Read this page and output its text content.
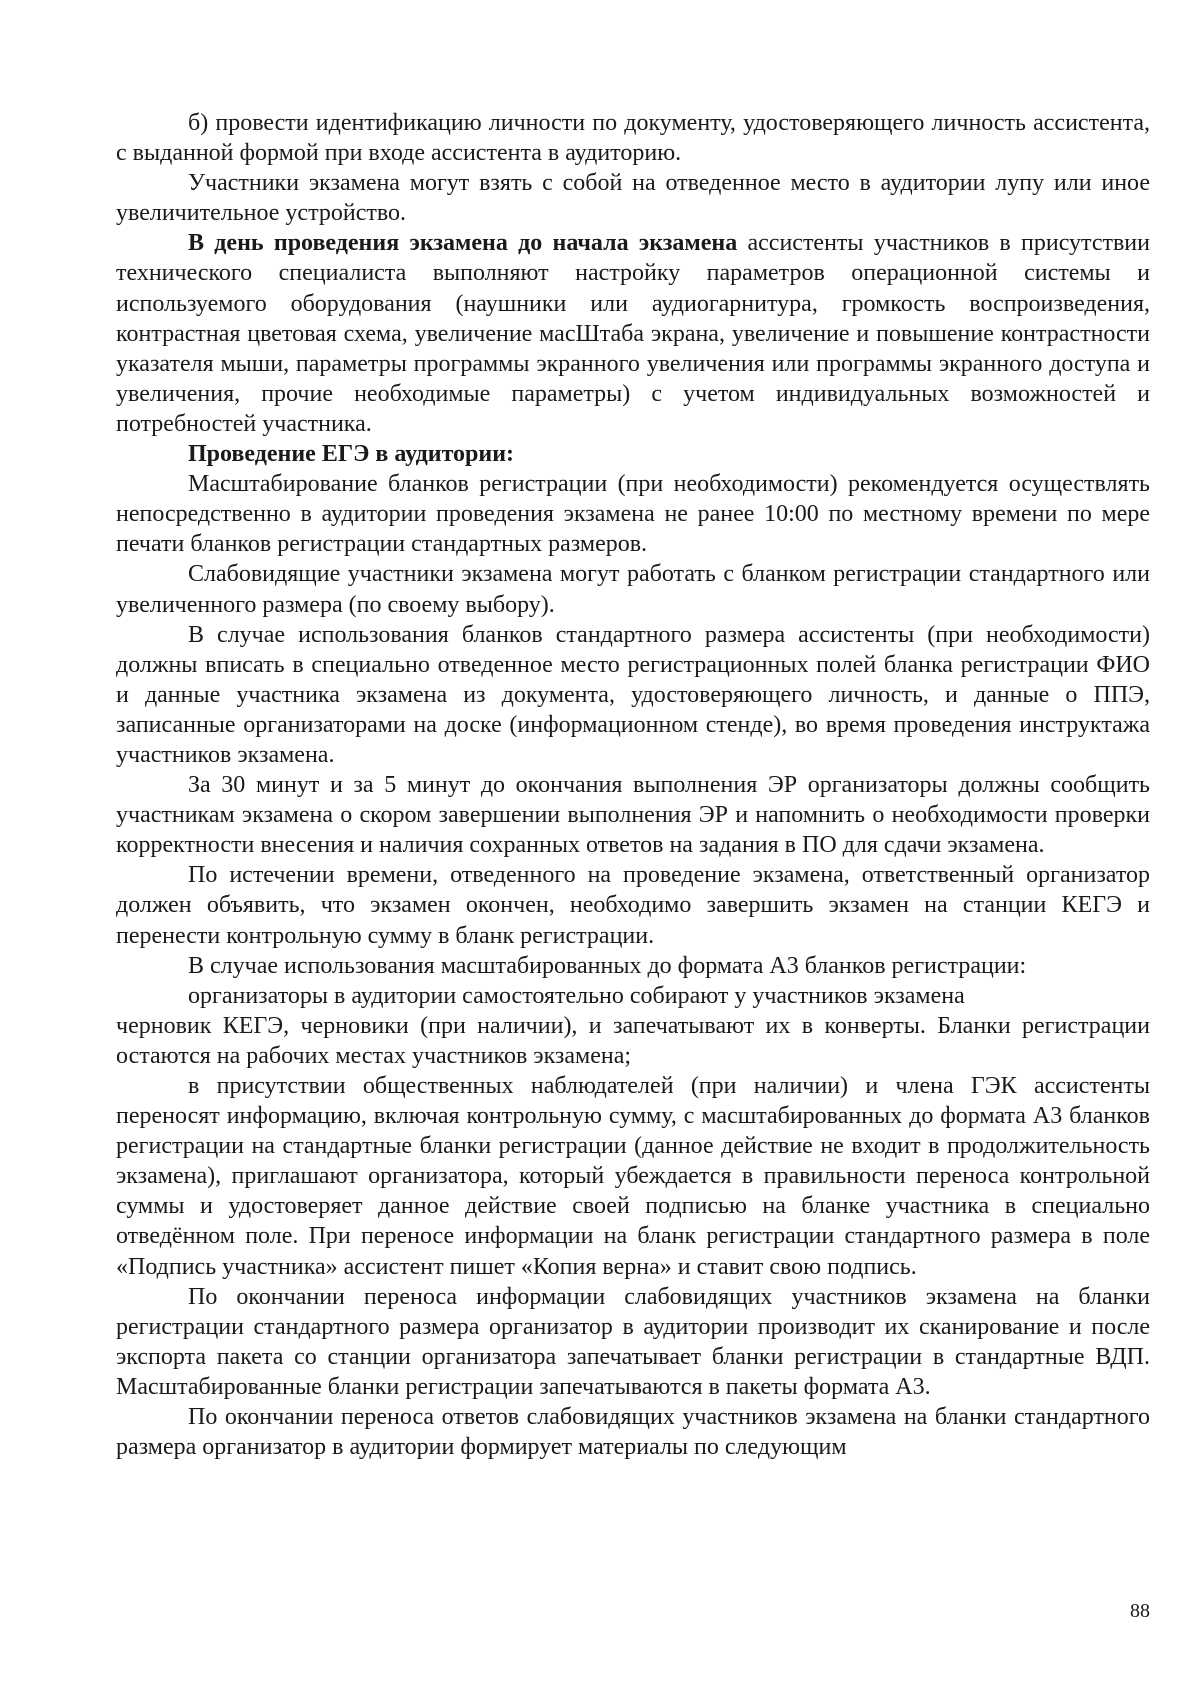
б) провести идентификацию личности по документу, удостоверяющего личность ассистента, с выданной формой при входе ассистента в аудиторию.

Участники экзамена могут взять с собой на отведенное место в аудитории лупу или иное увеличительное устройство.

В день проведения экзамена до начала экзамена ассистенты участников в присутствии технического специалиста выполняют настройку параметров операционной системы и используемого оборудования (наушники или аудиогарнитура, громкость воспроизведения, контрастная цветовая схема, увеличение масШтаба экрана, увеличение и повышение контрастности указателя мыши, параметры программы экранного увеличения или программы экранного доступа и увеличения, прочие необходимые параметры) с учетом индивидуальных возможностей и потребностей участника.

Проведение ЕГЭ в аудитории:

Масштабирование бланков регистрации (при необходимости) рекомендуется осуществлять непосредственно в аудитории проведения экзамена не ранее 10:00 по местному времени по мере печати бланков регистрации стандартных размеров.

Слабовидящие участники экзамена могут работать с бланком регистрации стандартного или увеличенного размера (по своему выбору).

В случае использования бланков стандартного размера ассистенты (при необходимости) должны вписать в специально отведенное место регистрационных полей бланка регистрации ФИО и данные участника экзамена из документа, удостоверяющего личность, и данные о ППЭ, записанные организаторами на доске (информационном стенде), во время проведения инструктажа участников экзамена.

За 30 минут и за 5 минут до окончания выполнения ЭР организаторы должны сообщить участникам экзамена о скором завершении выполнения ЭР и напомнить о необходимости проверки корректности внесения и наличия сохранных ответов на задания в ПО для сдачи экзамена.

По истечении времени, отведенного на проведение экзамена, ответственный организатор должен объявить, что экзамен окончен, необходимо завершить экзамен на станции КЕГЭ и перенести контрольную сумму в бланк регистрации.

В случае использования масштабированных до формата А3 бланков регистрации:

организаторы в аудитории самостоятельно собирают у участников экзамена

черновик КЕГЭ, черновики (при наличии), и запечатывают их в конверты. Бланки регистрации остаются на рабочих местах участников экзамена;

в присутствии общественных наблюдателей (при наличии) и члена ГЭК ассистенты переносят информацию, включая контрольную сумму, с масштабированных до формата А3 бланков регистрации на стандартные бланки регистрации (данное действие не входит в продолжительность экзамена), приглашают организатора, который убеждается в правильности переноса контрольной суммы и удостоверяет данное действие своей подписью на бланке участника в специально отведённом поле. При переносе информации на бланк регистрации стандартного размера в поле «Подпись участника» ассистент пишет «Копия верна» и ставит свою подпись.

По окончании переноса информации слабовидящих участников экзамена на бланки регистрации стандартного размера организатор в аудитории производит их сканирование и после экспорта пакета со станции организатора запечатывает бланки регистрации в стандартные ВДП. Масштабированные бланки регистрации запечатываются в пакеты формата А3.

По окончании переноса ответов слабовидящих участников экзамена на бланки стандартного размера организатор в аудитории формирует материалы по следующим

88
